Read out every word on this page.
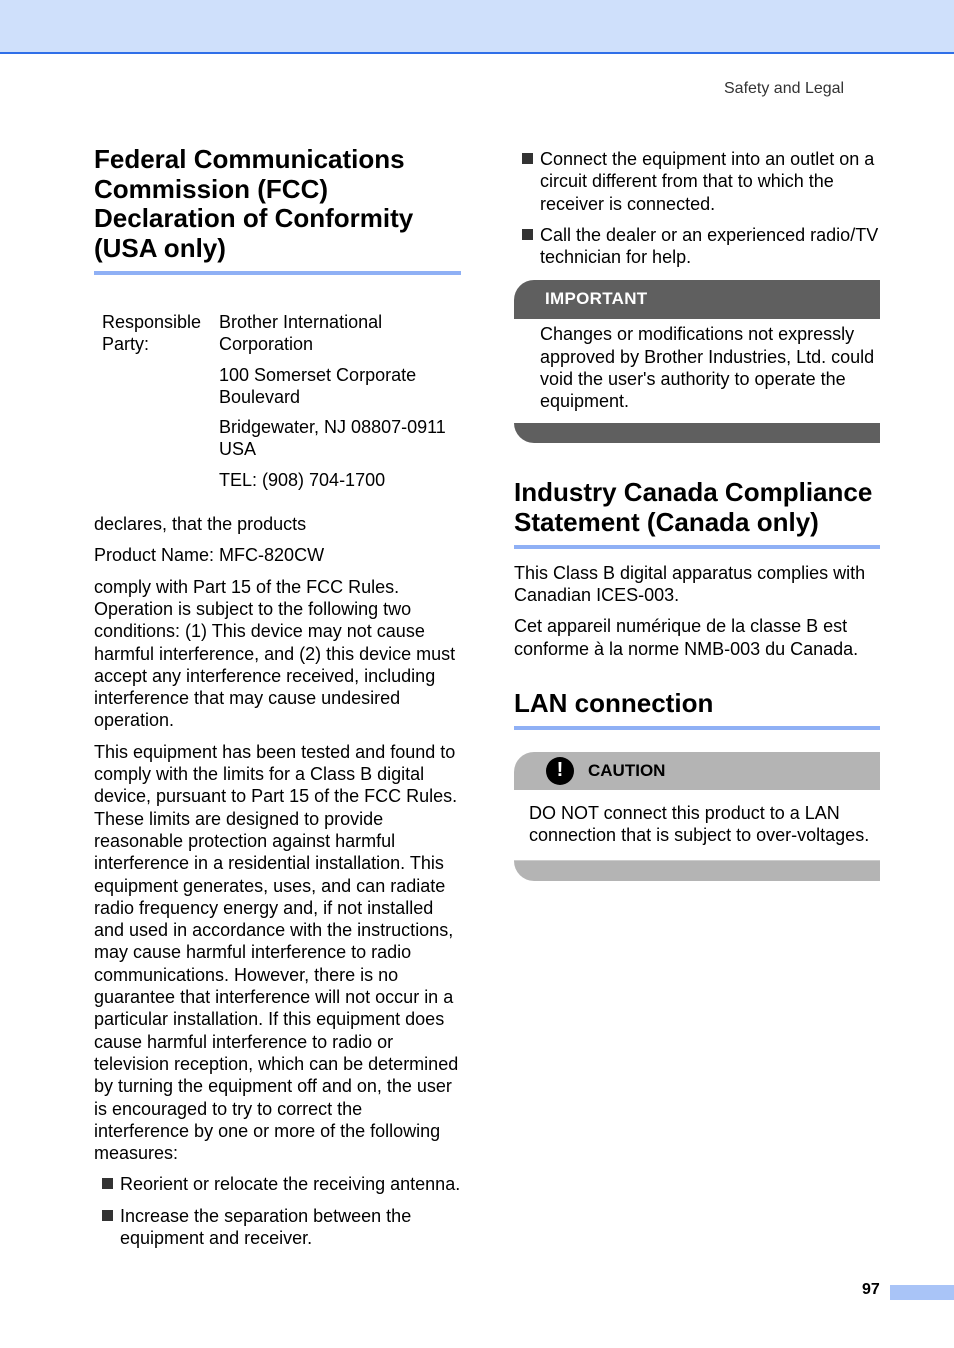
Safety and Legal
Federal Communications Commission (FCC) Declaration of Conformity (USA only)
Responsible Party:
Brother International Corporation
100 Somerset Corporate Boulevard
Bridgewater, NJ 08807-0911 USA
TEL: (908) 704-1700

declares, that the products

Product Name: MFC-820CW

comply with Part 15 of the FCC Rules. Operation is subject to the following two conditions: (1) This device may not cause harmful interference, and (2) this device must accept any interference received, including interference that may cause undesired operation.

This equipment has been tested and found to comply with the limits for a Class B digital device, pursuant to Part 15 of the FCC Rules. These limits are designed to provide reasonable protection against harmful interference in a residential installation. This equipment generates, uses, and can radiate radio frequency energy and, if not installed and used in accordance with the instructions, may cause harmful interference to radio communications. However, there is no guarantee that interference will not occur in a particular installation. If this equipment does cause harmful interference to radio or television reception, which can be determined by turning the equipment off and on, the user is encouraged to try to correct the interference by one or more of the following measures:

Reorient or relocate the receiving antenna.
Increase the separation between the equipment and receiver.
Connect the equipment into an outlet on a circuit different from that to which the receiver is connected.
Call the dealer or an experienced radio/TV technician for help.
IMPORTANT
Changes or modifications not expressly approved by Brother Industries, Ltd. could void the user's authority to operate the equipment.
Industry Canada Compliance Statement (Canada only)

This Class B digital apparatus complies with Canadian ICES-003.

Cet appareil numérique de la classe B est conforme à la norme NMB-003 du Canada.

LAN connection
!	CAUTION
DO NOT connect this product to a LAN connection that is subject to over-voltages.
97
